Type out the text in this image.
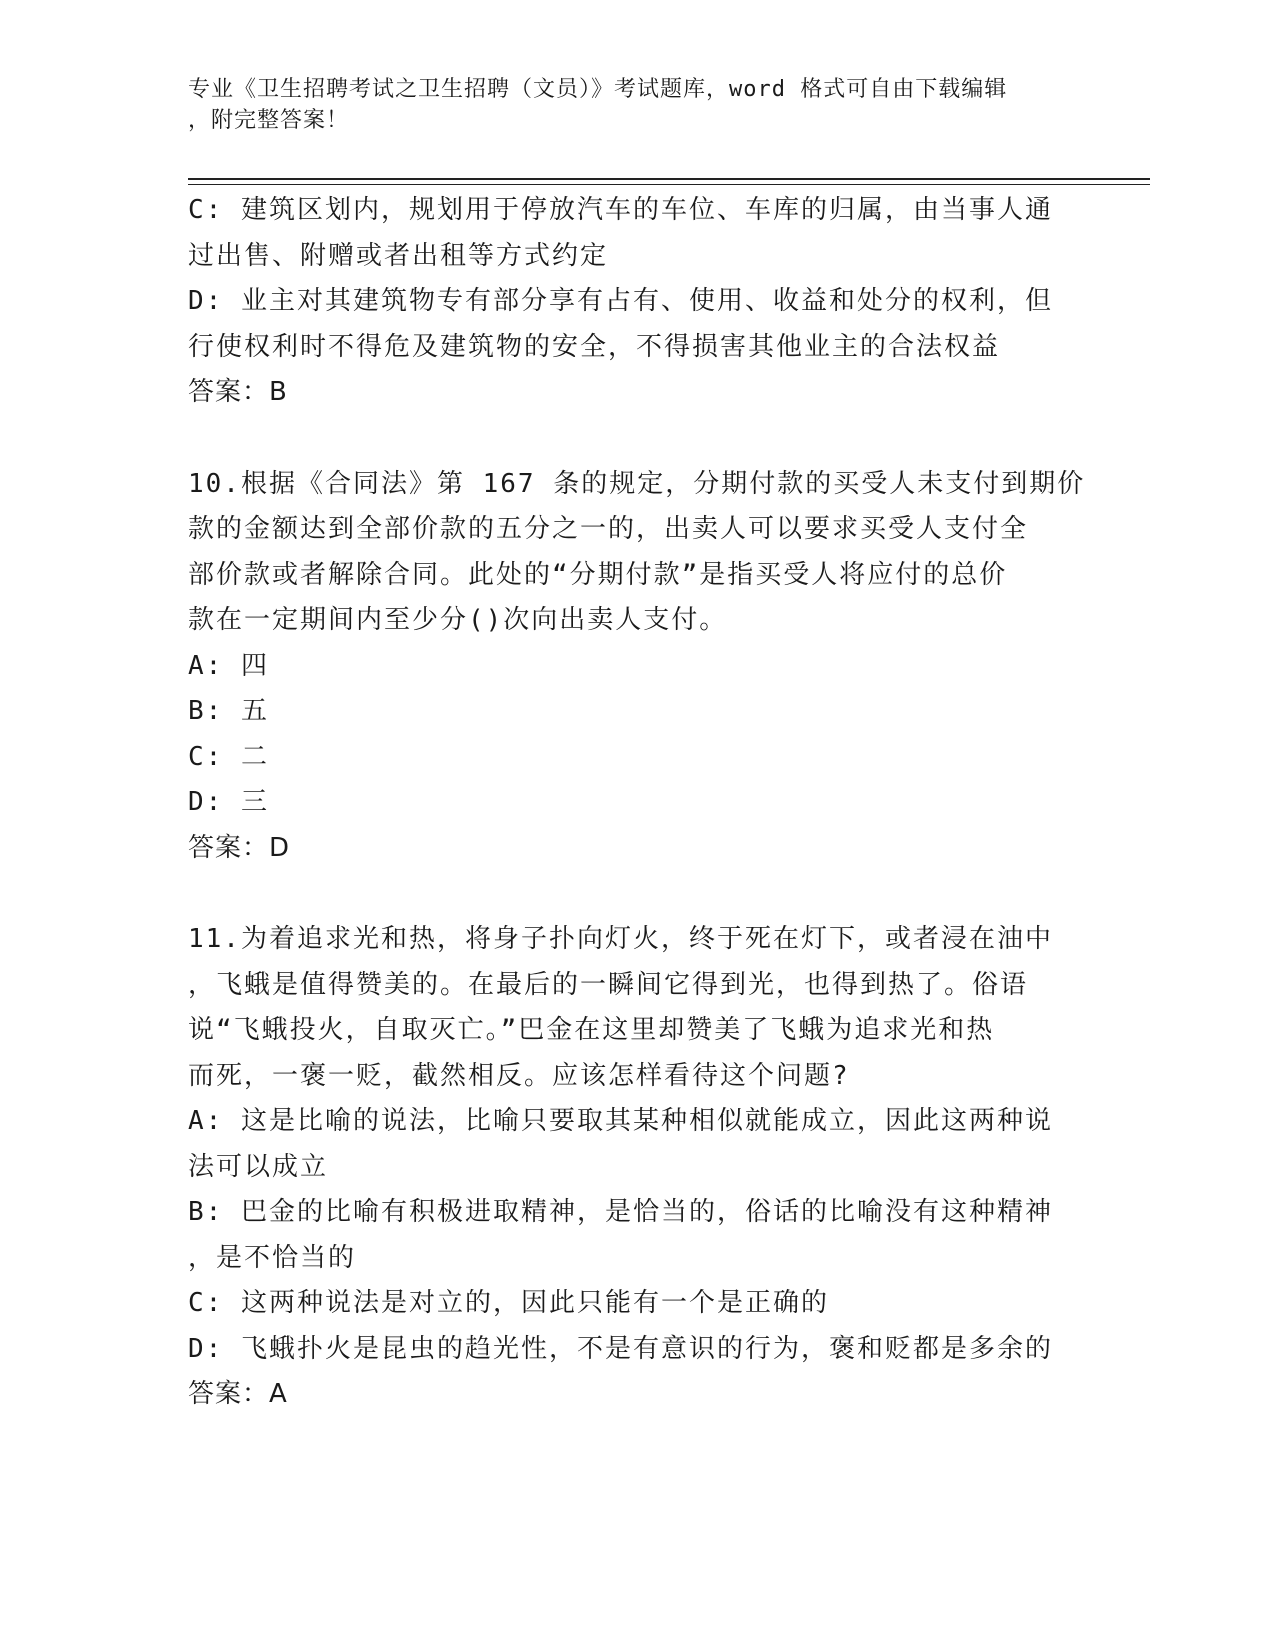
专业《卫生招聘考试之卫生招聘（文员）》考试题库，word 格式可自由下载编辑
，附完整答案！
C: 建筑区划内，规划用于停放汽车的车位、车库的归属，由当事人通
过出售、附赠或者出租等方式约定
D: 业主对其建筑物专有部分享有占有、使用、收益和处分的权利，但
行使权利时不得危及建筑物的安全，不得损害其他业主的合法权益
答案：B
10.根据《合同法》第 167 条的规定，分期付款的买受人未支付到期价
款的金额达到全部价款的五分之一的，出卖人可以要求买受人支付全
部价款或者解除合同。此处的“分期付款”是指买受人将应付的总价
款在一定期间内至少分()次向出卖人支付。
A: 四
B: 五
C: 二
D: 三
答案：D
11.为着追求光和热，将身子扑向灯火，终于死在灯下，或者浸在油中
，飞蛾是值得赞美的。在最后的一瞬间它得到光，也得到热了。俗语
说“飞蛾投火，自取灭亡。”巴金在这里却赞美了飞蛾为追求光和热
而死，一褒一贬，截然相反。应该怎样看待这个问题?
A: 这是比喻的说法，比喻只要取其某种相似就能成立，因此这两种说
法可以成立
B: 巴金的比喻有积极进取精神，是恰当的，俗话的比喻没有这种精神
，是不恰当的
C: 这两种说法是对立的，因此只能有一个是正确的
D: 飞蛾扑火是昆虫的趋光性，不是有意识的行为，褒和贬都是多余的
答案：A
